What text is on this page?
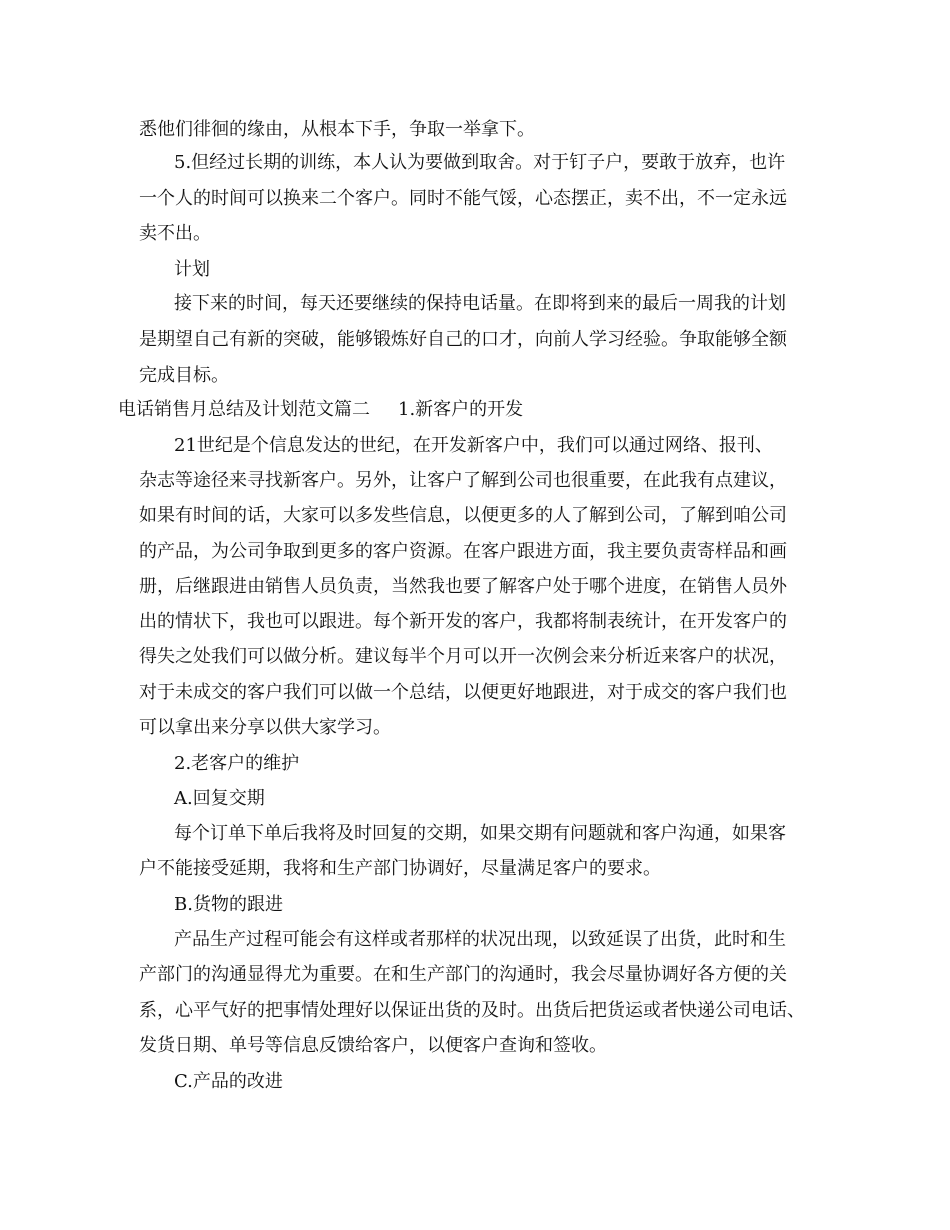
悉他们徘徊的缘由，从根本下手，争取一举拿下。
5.但经过长期的训练，本人认为要做到取舍。对于钉子户，要敢于放弃，也许
一个人的时间可以换来二个客户。同时不能气馁，心态摆正，卖不出，不一定永远
卖不出。
计划
接下来的时间，每天还要继续的保持电话量。在即将到来的最后一周我的计划
是期望自己有新的突破，能够锻炼好自己的口才，向前人学习经验。争取能够全额
完成目标。
电话销售月总结及计划范文篇二 1.新客户的开发
21世纪是个信息发达的世纪，在开发新客户中，我们可以通过网络、报刊、
杂志等途径来寻找新客户。另外，让客户了解到公司也很重要，在此我有点建议，
如果有时间的话，大家可以多发些信息，以便更多的人了解到公司，了解到咱公司
的产品，为公司争取到更多的客户资源。在客户跟进方面，我主要负责寄样品和画
册，后继跟进由销售人员负责，当然我也要了解客户处于哪个进度，在销售人员外
出的情状下，我也可以跟进。每个新开发的客户，我都将制表统计，在开发客户的
得失之处我们可以做分析。建议每半个月可以开一次例会来分析近来客户的状况，
对于未成交的客户我们可以做一个总结，以便更好地跟进，对于成交的客户我们也
可以拿出来分享以供大家学习。
2.老客户的维护
A.回复交期
每个订单下单后我将及时回复的交期，如果交期有问题就和客户沟通，如果客
户不能接受延期，我将和生产部门协调好，尽量满足客户的要求。
B.货物的跟进
产品生产过程可能会有这样或者那样的状况出现，以致延误了出货，此时和生
产部门的沟通显得尤为重要。在和生产部门的沟通时，我会尽量协调好各方便的关
系，心平气好的把事情处理好以保证出货的及时。出货后把货运或者快递公司电话、
发货日期、单号等信息反馈给客户，以便客户查询和签收。
C.产品的改进
